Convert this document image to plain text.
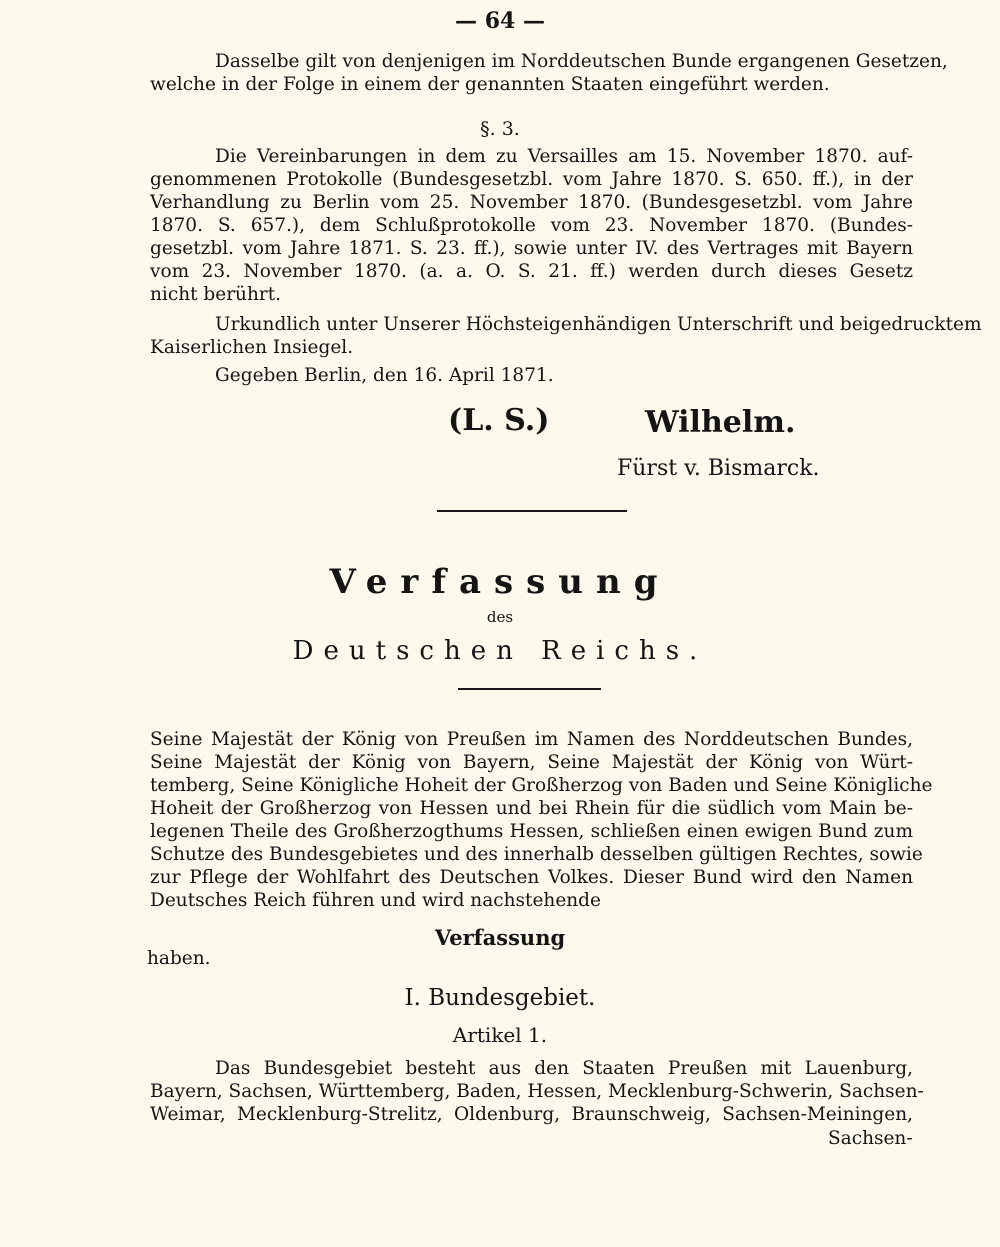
— 64 —
Dasselbe gilt von denjenigen im Norddeutschen Bunde ergangenen Gesetzen,
welche in der Folge in einem der genannten Staaten eingeführt werden.
§. 3.
Die Vereinbarungen in dem zu Versailles am 15. November 1870. auf-
genommenen Protokolle (Bundesgesetzbl. vom Jahre 1870. S. 650. ff.), in der
Verhandlung zu Berlin vom 25. November 1870. (Bundesgesetzbl. vom Jahre
1870. S. 657.), dem Schlußprotokolle vom 23. November 1870. (Bundes-
gesetzbl. vom Jahre 1871. S. 23. ff.), sowie unter IV. des Vertrages mit Bayern
vom 23. November 1870. (a. a. O. S. 21. ff.) werden durch dieses Gesetz
nicht berührt.
Urkundlich unter Unserer Höchsteigenhändigen Unterschrift und beigedrucktem
Kaiserlichen Insiegel.
Gegeben Berlin, den 16. April 1871.
(L. S.)	Wilhelm.
Fürst v. Bismarck.
Verfassung
des
Deutschen Reichs.
Seine Majestät der König von Preußen im Namen des Norddeutschen Bundes,
Seine Majestät der König von Bayern, Seine Majestät der König von Würt-
temberg, Seine Königliche Hoheit der Großherzog von Baden und Seine Königliche
Hoheit der Großherzog von Hessen und bei Rhein für die südlich vom Main be-
legenen Theile des Großherzogthums Hessen, schließen einen ewigen Bund zum
Schutze des Bundesgebietes und des innerhalb desselben gültigen Rechtes, sowie
zur Pflege der Wohlfahrt des Deutschen Volkes. Dieser Bund wird den Namen
Deutsches Reich führen und wird nachstehende
Verfassung
haben.
I. Bundesgebiet.
Artikel 1.
Das Bundesgebiet besteht aus den Staaten Preußen mit Lauenburg,
Bayern, Sachsen, Württemberg, Baden, Hessen, Mecklenburg-Schwerin, Sachsen-
Weimar, Mecklenburg-Strelitz, Oldenburg, Braunschweig, Sachsen-Meiningen,
Sachsen-
